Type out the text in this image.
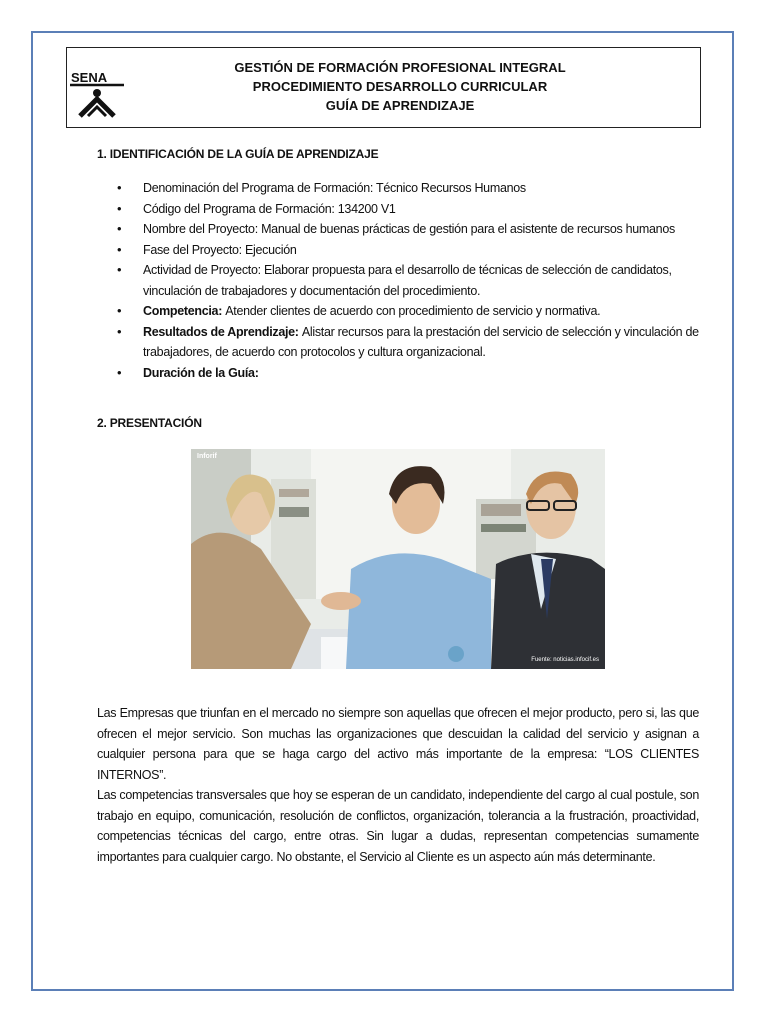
SENA
GESTIÓN DE FORMACIÓN PROFESIONAL INTEGRAL
PROCEDIMIENTO DESARROLLO CURRICULAR
GUÍA DE APRENDIZAJE
1. IDENTIFICACIÓN DE LA GUÍA DE APRENDIZAJE
• Denominación del Programa de Formación: Técnico Recursos Humanos
• Código del Programa de Formación: 134200 V1
• Nombre del Proyecto: Manual de buenas prácticas de gestión para el asistente de recursos humanos
• Fase del Proyecto: Ejecución
• Actividad de Proyecto: Elaborar propuesta para el desarrollo de técnicas de selección de candidatos, vinculación de trabajadores y documentación del procedimiento.
• Competencia: Atender clientes de acuerdo con procedimiento de servicio y normativa.
• Resultados de Aprendizaje: Alistar recursos para la prestación del servicio de selección y vinculación de trabajadores, de acuerdo con protocolos y cultura organizacional.
• Duración de la Guía:
2. PRESENTACIÓN
Inforif
Fuente: noticias.infocif.es

Las Empresas que triunfan en el mercado no siempre son aquellas que ofrecen el mejor producto, pero si, las que ofrecen el mejor servicio. Son muchas las organizaciones que descuidan la calidad del servicio y asignan a cualquier persona para que se haga cargo del activo más importante de la empresa: “LOS CLIENTES INTERNOS”.

Las competencias transversales que hoy se esperan de un candidato, independiente del cargo al cual postule, son trabajo en equipo, comunicación, resolución de conflictos, organización, tolerancia a la frustración, proactividad, competencias técnicas del cargo, entre otras. Sin lugar a dudas, representan competencias sumamente importantes para cualquier cargo. No obstante, el Servicio al Cliente es un aspecto aún más determinante.
